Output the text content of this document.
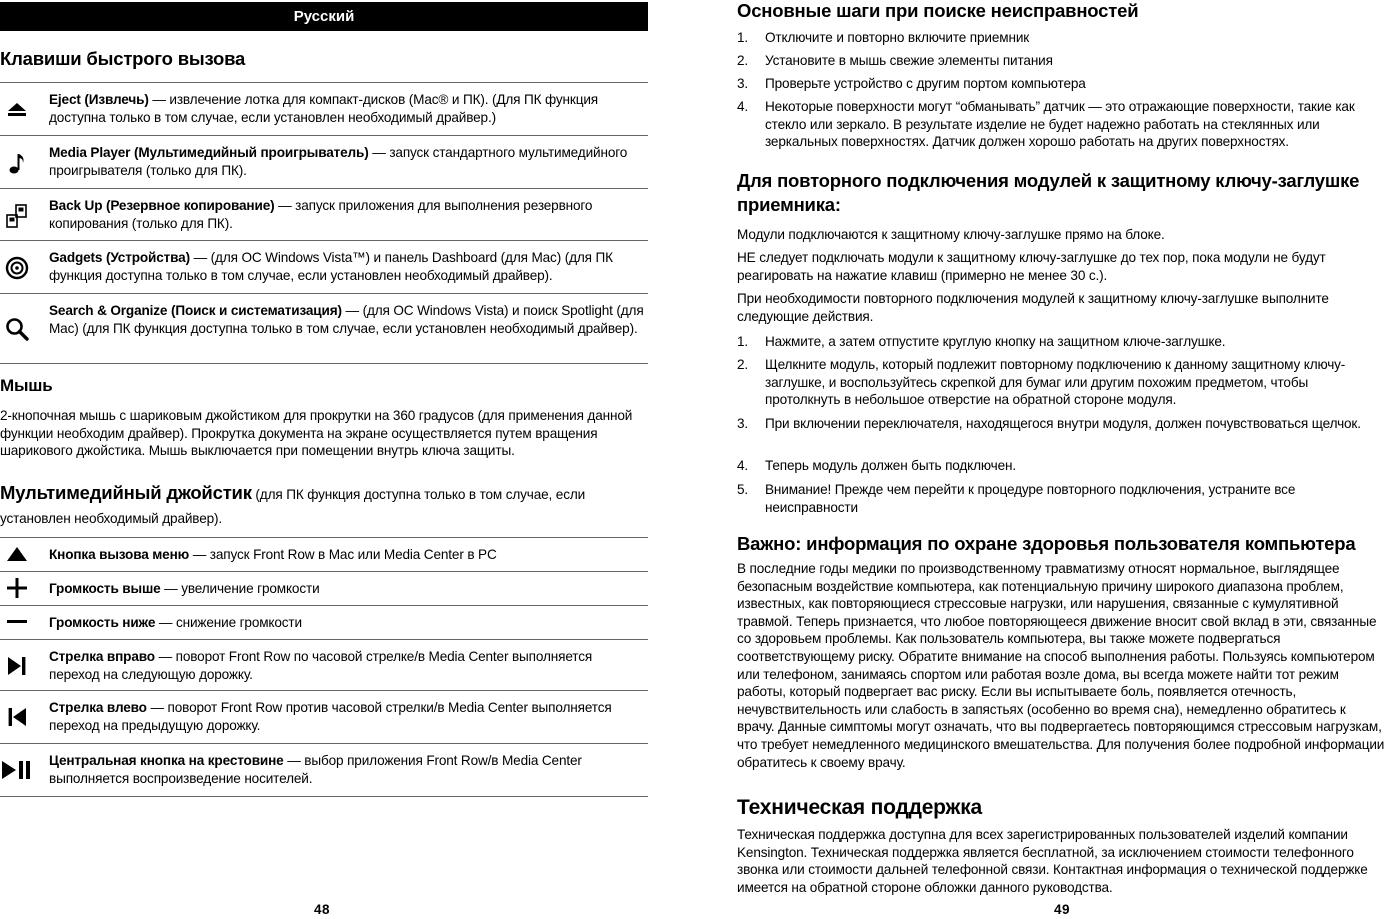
Русский
Клавиши быстрого вызова
Eject (Извлечь) — извлечение лотка для компакт-дисков (Mac® и ПК). (Для ПК функция доступна только в том случае, если установлен необходимый драйвер.)
Media Player (Мультимедийный проигрыватель) — запуск стандартного мультимедийного проигрывателя (только для ПК).
Back Up (Резервное копирование) — запуск приложения для выполнения резервного копирования (только для ПК).
Gadgets (Устройства) — (для ОС Windows Vista™) и панель Dashboard (для Mac) (для ПК функция доступна только в том случае, если установлен необходимый драйвер).
Search & Organize (Поиск и систематизация) — (для ОС Windows Vista) и поиск Spotlight (для Mac) (для ПК функция доступна только в том случае, если установлен необходимый драйвер).
Мышь

2-кнопочная мышь с шариковым джойстиком для прокрутки на 360 градусов (для применения данной функции необходим драйвер). Прокрутка документа на экране осуществляется путем вращения шарикового джойстика. Мышь выключается при помещении внутрь ключа защиты.

Мультимедийный джойстик (для ПК функция доступна только в том случае, если установлен необходимый драйвер).
Кнопка вызова меню — запуск Front Row в Mac или Media Center в PC
Громкость выше — увеличение громкости
Громкость ниже — снижение громкости
Стрелка вправо — поворот Front Row по часовой стрелке/в Media Center выполняется переход на следующую дорожку.
Стрелка влево — поворот Front Row против часовой стрелки/в Media Center выполняется переход на предыдущую дорожку.
Центральная кнопка на крестовине — выбор приложения Front Row/в Media Center выполняется воспроизведение носителей.
48
Основные шаги при поиске неисправностей
1.	Отключите и повторно включите приемник
2.	Установите в мышь свежие элементы питания
3.	Проверьте устройство с другим портом компьютера
4.	Некоторые поверхности могут “обманывать” датчик — это отражающие поверхности, такие как стекло или зеркало. В результате изделие не будет надежно работать на стеклянных или зеркальных поверхностях. Датчик должен хорошо работать на других поверхностях.
Для повторного подключения модулей к защитному ключу-заглушке
приемника:

Модули подключаются к защитному ключу-заглушке прямо на блоке.

НЕ следует подключать модули к защитному ключу-заглушке до тех пор, пока модули не будут реагировать на нажатие клавиш (примерно не менее 30 с.).

При необходимости повторного подключения модулей к защитному ключу-заглушке выполните следующие действия.

1.	Нажмите, а затем отпустите круглую кнопку на защитном ключе-заглушке.
2.	Щелкните модуль, который подлежит повторному подключению к данному защитному ключу-заглушке, и воспользуйтесь скрепкой для бумаг или другим похожим предметом, чтобы протолкнуть в небольшое отверстие на обратной стороне модуля.
3.	При включении переключателя, находящегося внутри модуля, должен почувствоваться щелчок.
4.	Теперь модуль должен быть подключен.
5.	Внимание! Прежде чем перейти к процедуре повторного подключения, устраните все неисправности
Важно: информация по охране здоровья пользователя компьютера

В последние годы медики по производственному травматизму относят нормальное, выглядящее безопасным воздействие компьютера, как потенциальную причину широкого диапазона проблем, известных, как повторяющиеся стрессовые нагрузки, или нарушения, связанные с кумулятивной травмой. Теперь признается, что любое повторяющееся движение вносит свой вклад в эти, связанные со здоровьем проблемы. Как пользователь компьютера, вы также можете подвергаться соответствующему риску. Обратите внимание на способ выполнения работы. Пользуясь компьютером или телефоном, занимаясь спортом или работая возле дома, вы всегда можете найти тот режим работы, который подвергает вас риску. Если вы испытываете боль, появляется отечность, нечувствительность или слабость в запястьях (особенно во время сна), немедленно обратитесь к врачу. Данные симптомы могут означать, что вы подвергаетесь повторяющимся стрессовым нагрузкам, что требует немедленного медицинского вмешательства. Для получения более подробной информации обратитесь к своему врачу.

Техническая поддержка

Техническая поддержка доступна для всех зарегистрированных пользователей изделий компании Kensington. Техническая поддержка является бесплатной, за исключением стоимости телефонного звонка или стоимости дальней телефонной связи. Контактная информация о технической поддержке имеется на обратной стороне обложки данного руководства.

49
